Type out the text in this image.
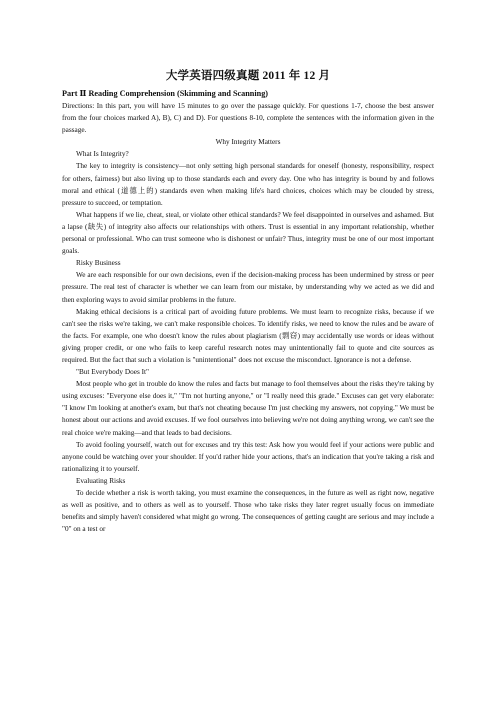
大学英语四级真题 2011 年 12 月
Part Ⅱ Reading Comprehension (Skimming and Scanning)

Directions: In this part, you will have 15 minutes to go over the passage quickly. For questions 1-7, choose the best answer from the four choices marked A), B), C) and D). For questions 8-10, complete the sentences with the information given in the passage.

Why Integrity Matters

What Is Integrity?

The key to integrity is consistency—not only setting high personal standards for oneself (honesty, responsibility, respect for others, fairness) but also living up to those standards each and every day. One who has integrity is bound by and follows moral and ethical (道德上的) standards even when making life's hard choices, choices which may be clouded by stress, pressure to succeed, or temptation.

What happens if we lie, cheat, steal, or violate other ethical standards? We feel disappointed in ourselves and ashamed. But a lapse (缺失) of integrity also affects our relationships with others. Trust is essential in any important relationship, whether personal or professional. Who can trust someone who is dishonest or unfair? Thus, integrity must be one of our most important goals.

Risky Business

We are each responsible for our own decisions, even if the decision-making process has been undermined by stress or peer pressure. The real test of character is whether we can learn from our mistake, by understanding why we acted as we did and then exploring ways to avoid similar problems in the future.

Making ethical decisions is a critical part of avoiding future problems. We must learn to recognize risks, because if we can't see the risks we're taking, we can't make responsible choices. To identify risks, we need to know the rules and be aware of the facts. For example, one who doesn't know the rules about plagiarism (剽窃) may accidentally use words or ideas without giving proper credit, or one who fails to keep careful research notes may unintentionally fail to quote and cite sources as required. But the fact that such a violation is "unintentional" does not excuse the misconduct. Ignorance is not a defense.

"But Everybody Does It"

Most people who get in trouble do know the rules and facts but manage to fool themselves about the risks they're taking by using excuses: "Everyone else does it," "I'm not hurting anyone," or "I really need this grade." Excuses can get very elaborate: "I know I'm looking at another's exam, but that's not cheating because I'm just checking my answers, not copying." We must be honest about our actions and avoid excuses. If we fool ourselves into believing we're not doing anything wrong, we can't see the real choice we're making—and that leads to bad decisions.

To avoid fooling yourself, watch out for excuses and try this test: Ask how you would feel if your actions were public and anyone could be watching over your shoulder. If you'd rather hide your actions, that's an indication that you're taking a risk and rationalizing it to yourself.

Evaluating Risks

To decide whether a risk is worth taking, you must examine the consequences, in the future as well as right now, negative as well as positive, and to others as well as to yourself. Those who take risks they later regret usually focus on immediate benefits and simply haven't considered what might go wrong. The consequences of getting caught are serious and may include a "0" on a test or
